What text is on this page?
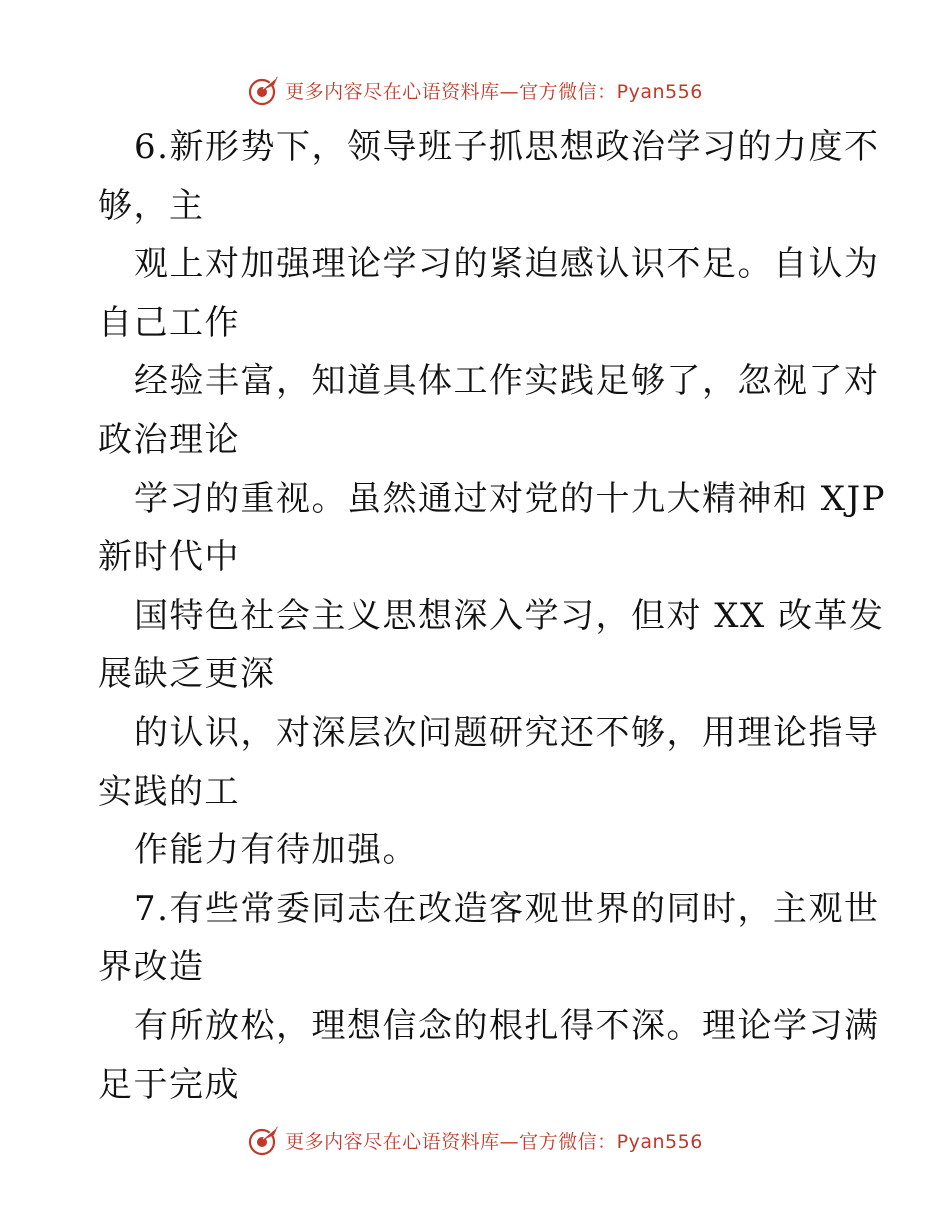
更多内容尽在心语资料库—官方微信：Pyan556
6.新形势下，领导班子抓思想政治学习的力度不
够，主
观上对加强理论学习的紧迫感认识不足。自认为
自己工作
经验丰富，知道具体工作实践足够了，忽视了对
政治理论
学习的重视。虽然通过对党的十九大精神和 XJP
新时代中
国特色社会主义思想深入学习，但对 XX 改革发
展缺乏更深
的认识，对深层次问题研究还不够，用理论指导
实践的工
作能力有待加强。
7.有些常委同志在改造客观世界的同时，主观世
界改造
有所放松，理想信念的根扎得不深。理论学习满
足于完成
更多内容尽在心语资料库—官方微信：Pyan556
